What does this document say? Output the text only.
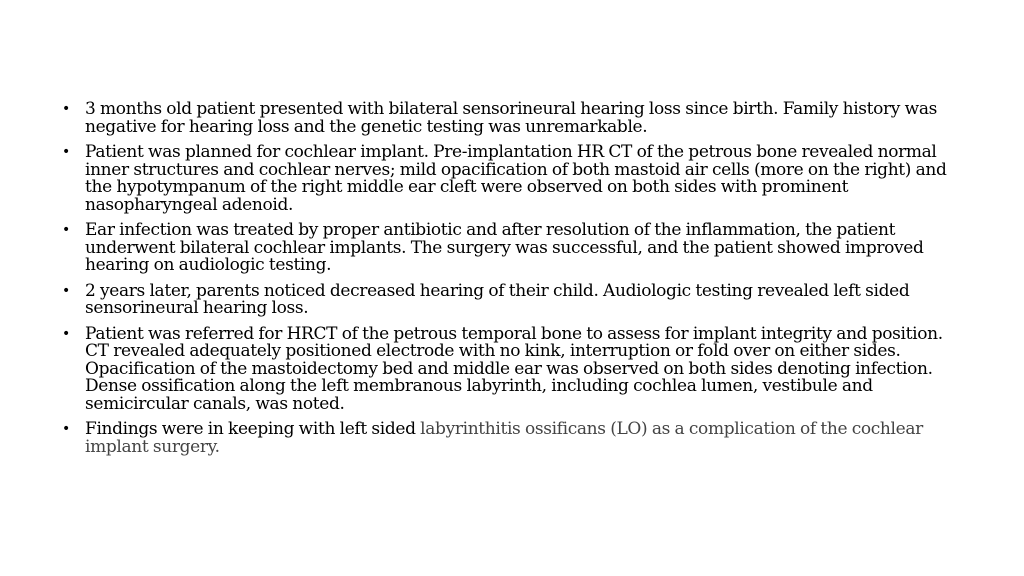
• 3 months old patient presented with bilateral sensorineural hearing loss since birth. Family history was negative for hearing loss and the genetic testing was unremarkable.
• Patient was planned for cochlear implant. Pre-implantation HR CT of the petrous bone revealed normal inner structures and cochlear nerves; mild opacification of both mastoid air cells (more on the right) and the hypotympanum of the right middle ear cleft were observed on both sides with prominent nasopharyngeal adenoid.
• Ear infection was treated by proper antibiotic and after resolution of the inflammation, the patient underwent bilateral cochlear implants. The surgery was successful, and the patient showed improved hearing on audiologic testing.
• 2 years later, parents noticed decreased hearing of their child. Audiologic testing revealed left sided sensorineural hearing loss.
• Patient was referred for HRCT of the petrous temporal bone to assess for implant integrity and position. CT revealed adequately positioned electrode with no kink, interruption or fold over on either sides. Opacification of the mastoidectomy bed and middle ear was observed on both sides denoting infection. Dense ossification along the left membranous labyrinth, including cochlea lumen, vestibule and semicircular canals, was noted.
• Findings were in keeping with left sided labyrinthitis ossificans (LO) as a complication of the cochlear implant surgery.
